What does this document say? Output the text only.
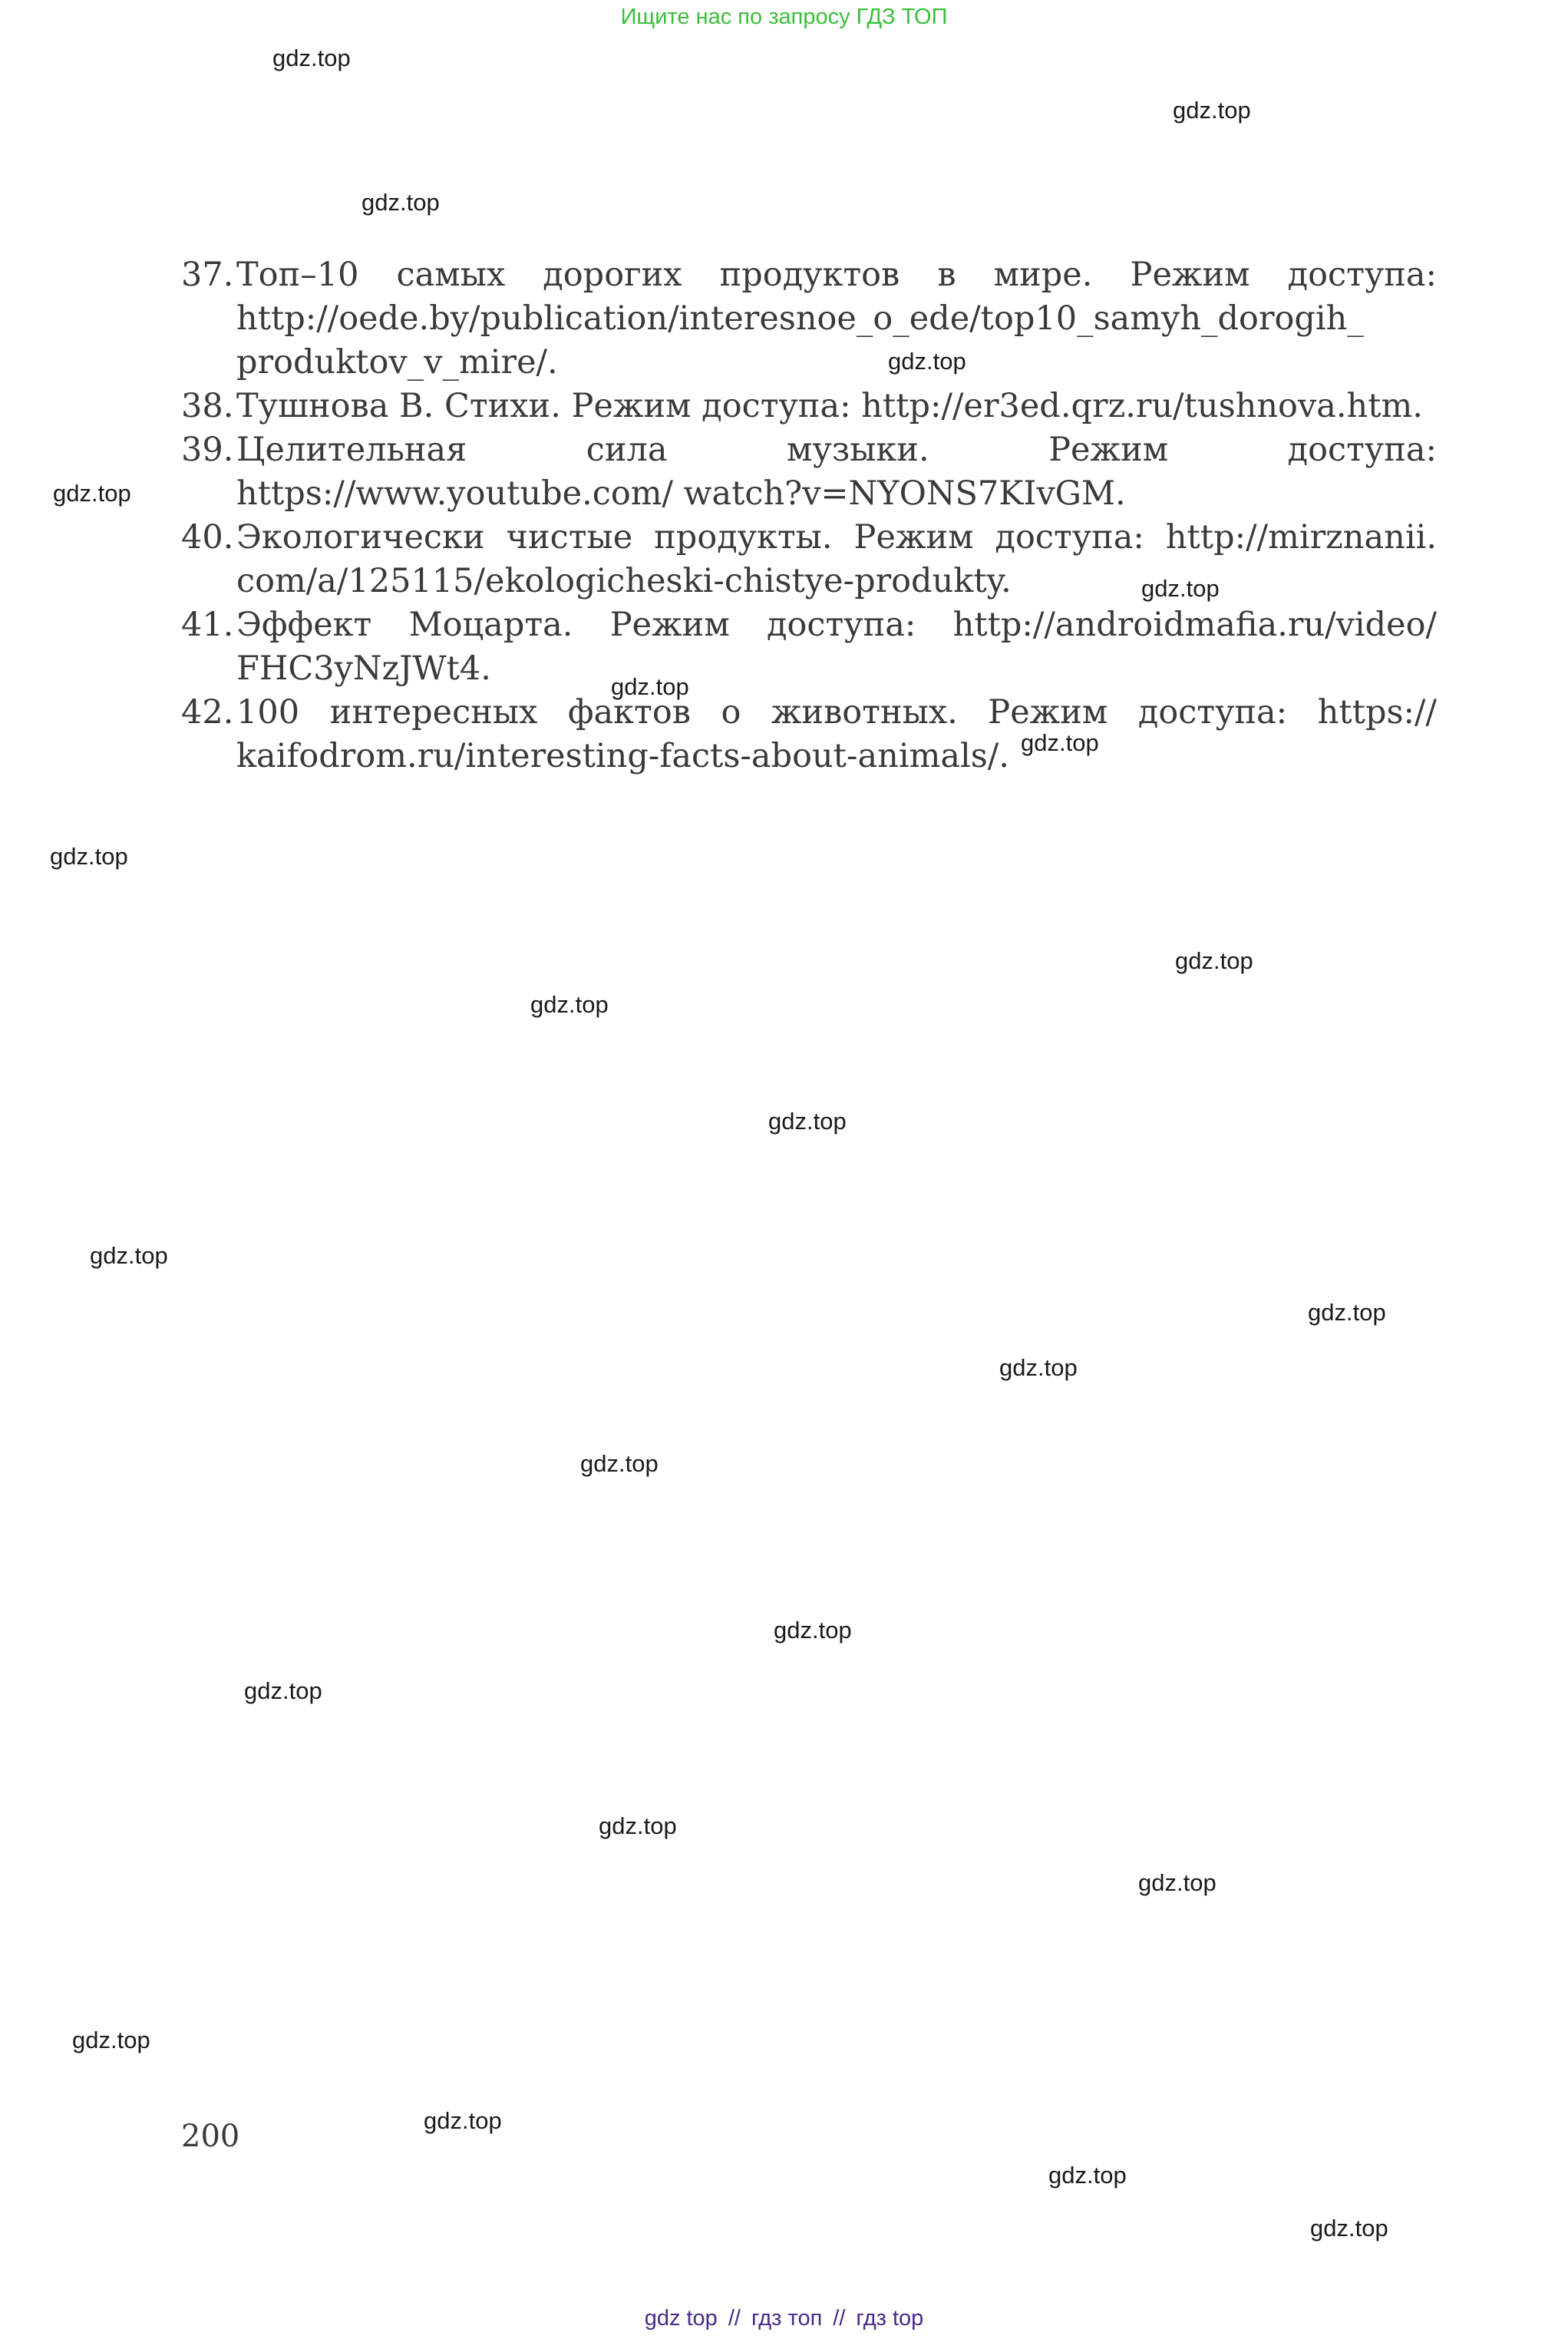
Ищите нас по запросу ГДЗ ТОП
37. Топ–10 самых дорогих продуктов в мире. Режим доступа: http://oede.by/publication/interesnoe_o_ede/top10_samyh_dorogih_ produktov_v_mire/.
38. Тушнова В. Стихи. Режим доступа: http://er3ed.qrz.ru/tushnova.htm.
39. Целительная сила музыки. Режим доступа: https://www.youtube.com/ watch?v=NYONS7KIvGM.
40. Экологически чистые продукты. Режим доступа: http://mirznanii. com/a/125115/ekologicheski-chistye-produkty.
41. Эффект Моцарта. Режим доступа: http://androidmafia.ru/video/ FHC3yNzJWt4.
42. 100 интересных фактов о животных. Режим доступа: https:// kaifodrom.ru/interesting-facts-about-animals/.
200
gdz.top
gdz.top
gdz.top
gdz.top
gdz.top
gdz.top
gdz.top
gdz.top
gdz.top
gdz.top
gdz.top
gdz.top
gdz.top
gdz.top
gdz.top
gdz.top
gdz.top
gdz.top
gdz.top
gdz.top
gdz.top
gdz.top
gdz.top
gdz.top
gdz top // гдз топ // гдз top
